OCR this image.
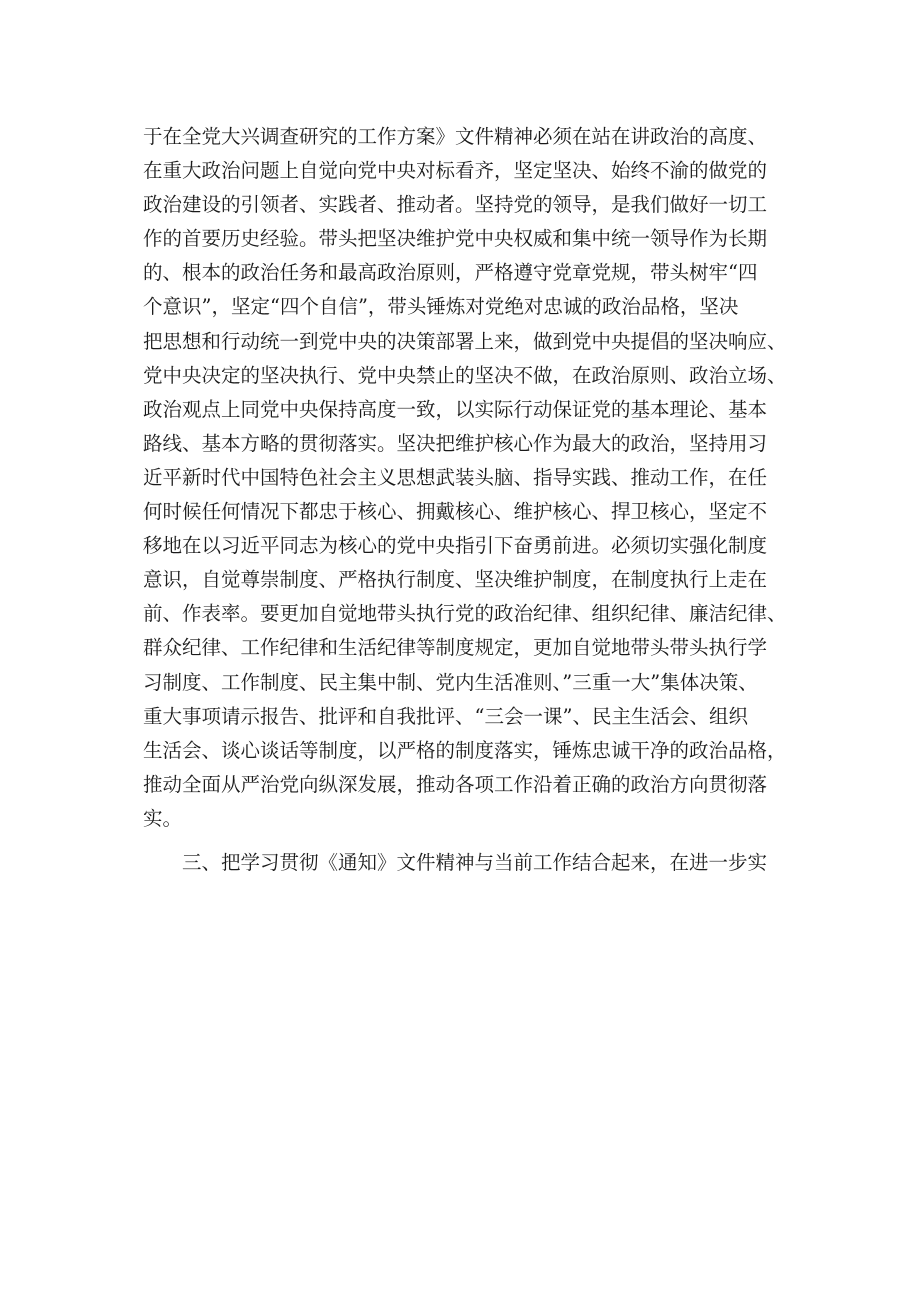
于在全党大兴调查研究的工作方案》文件精神必须在站在讲政治的高度、
在重大政治问题上自觉向党中央对标看齐，坚定坚决、始终不渝的做党的
政治建设的引领者、实践者、推动者。坚持党的领导，是我们做好一切工
作的首要历史经验。带头把坚决维护党中央权威和集中统一领导作为长期
的、根本的政治任务和最高政治原则，严格遵守党章党规，带头树牢“四
个意识”，坚定“四个自信”，带头锤炼对党绝对忠诚的政治品格，坚决
把思想和行动统一到党中央的决策部署上来，做到党中央提倡的坚决响应、
党中央决定的坚决执行、党中央禁止的坚决不做，在政治原则、政治立场、
政治观点上同党中央保持高度一致，以实际行动保证党的基本理论、基本
路线、基本方略的贯彻落实。坚决把维护核心作为最大的政治，坚持用习
近平新时代中国特色社会主义思想武装头脑、指导实践、推动工作，在任
何时候任何情况下都忠于核心、拥戴核心、维护核心、捍卫核心，坚定不
移地在以习近平同志为核心的党中央指引下奋勇前进。必须切实强化制度
意识，自觉尊崇制度、严格执行制度、坚决维护制度，在制度执行上走在
前、作表率。要更加自觉地带头执行党的政治纪律、组织纪律、廉洁纪律、
群众纪律、工作纪律和生活纪律等制度规定，更加自觉地带头带头执行学
习制度、工作制度、民主集中制、党内生活准则、”三重一大”集体决策、
重大事项请示报告、批评和自我批评、“三会一课”、民主生活会、组织
生活会、谈心谈话等制度，以严格的制度落实，锤炼忠诚干净的政治品格，
推动全面从严治党向纵深发展，推动各项工作沿着正确的政治方向贯彻落
实。
三、把学习贯彻《通知》文件精神与当前工作结合起来，在进一步实
